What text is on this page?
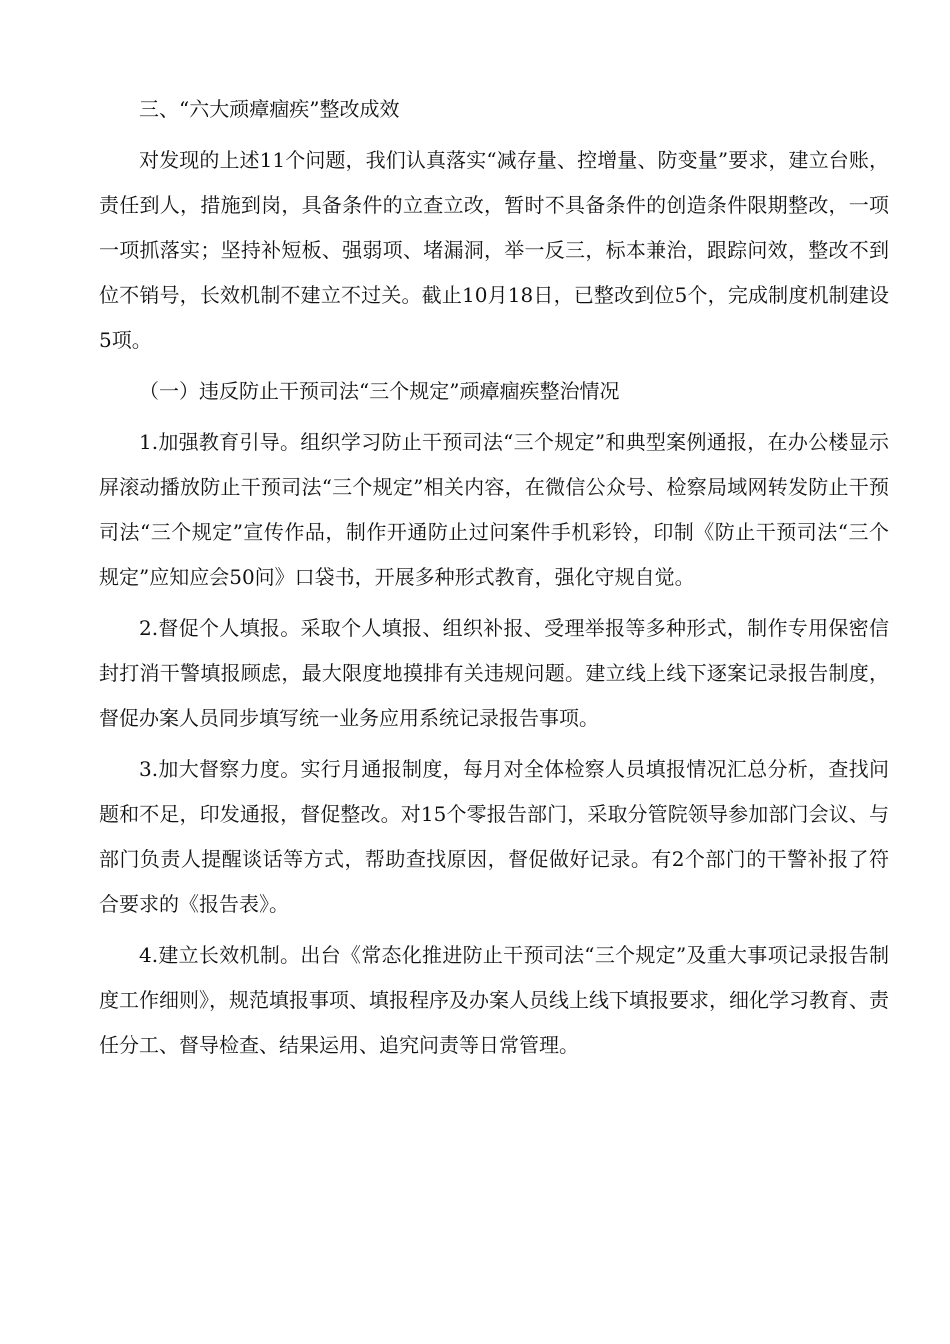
三、“六大顽瘴痼疾”整改成效

对发现的上述11个问题，我们认真落实“减存量、控增量、防变量”要求，建立台账，责任到人，措施到岗，具备条件的立查立改，暂时不具备条件的创造条件限期整改，一项一项抓落实；坚持补短板、强弱项、堵漏洞，举一反三，标本兼治，跟踪问效，整改不到位不销号，长效机制不建立不过关。截止10月18日，已整改到位5个，完成制度机制建设5项。

（一）违反防止干预司法“三个规定”顽瘴痼疾整治情况

1.加强教育引导。组织学习防止干预司法“三个规定”和典型案例通报，在办公楼显示屏滚动播放防止干预司法“三个规定”相关内容，在微信公众号、检察局域网转发防止干预司法“三个规定”宣传作品，制作开通防止过问案件手机彩铃，印制《防止干预司法“三个规定”应知应会50问》口袋书，开展多种形式教育，强化守规自觉。

2.督促个人填报。采取个人填报、组织补报、受理举报等多种形式，制作专用保密信封打消干警填报顾虑，最大限度地摸排有关违规问题。建立线上线下逐案记录报告制度，督促办案人员同步填写统一业务应用系统记录报告事项。

3.加大督察力度。实行月通报制度，每月对全体检察人员填报情况汇总分析，查找问题和不足，印发通报，督促整改。对15个零报告部门，采取分管院领导参加部门会议、与部门负责人提醒谈话等方式，帮助查找原因，督促做好记录。有2个部门的干警补报了符合要求的《报告表》。

4.建立长效机制。出台《常态化推进防止干预司法“三个规定”及重大事项记录报告制度工作细则》，规范填报事项、填报程序及办案人员线上线下填报要求，细化学习教育、责任分工、督导检查、结果运用、追究问责等日常管理。
